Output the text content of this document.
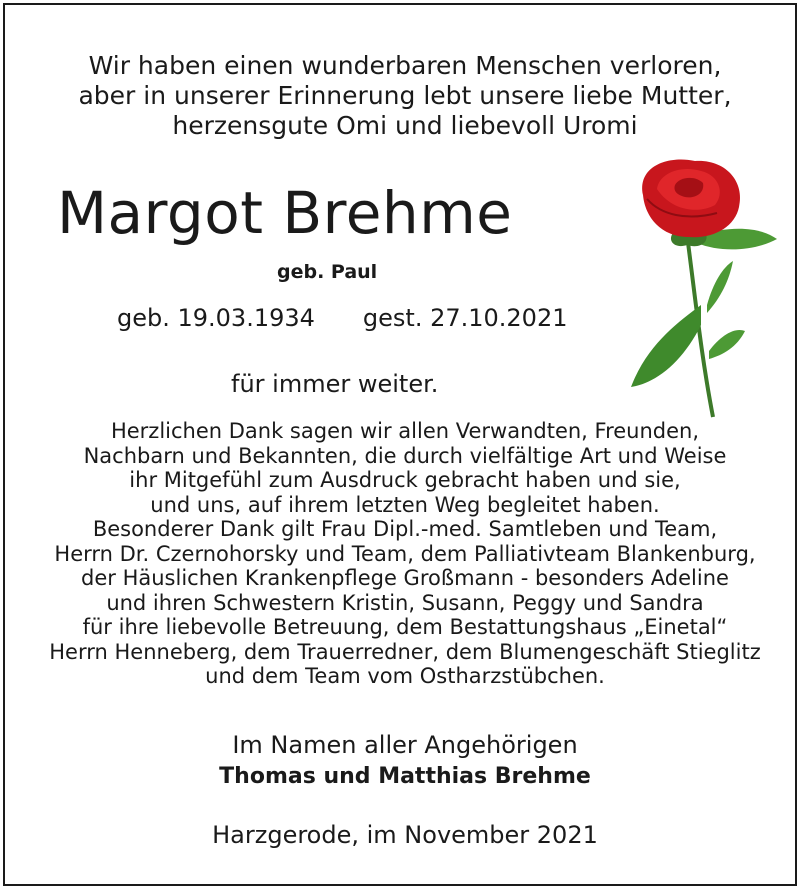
Wir haben einen wunderbaren Menschen verloren,
aber in unserer Erinnerung lebt unsere liebe Mutter,
herzensgute Omi und liebevoll Uromi
Margot Brehme
geb. Paul
geb. 19.03.1934 gest. 27.10.2021
für immer weiter.
Herzlichen Dank sagen wir allen Verwandten, Freunden,
Nachbarn und Bekannten, die durch vielfältige Art und Weise
ihr Mitgefühl zum Ausdruck gebracht haben und sie,
und uns, auf ihrem letzten Weg begleitet haben.
Besonderer Dank gilt Frau Dipl.-med. Samtleben und Team,
Herrn Dr. Czernohorsky und Team, dem Palliativteam Blankenburg,
der Häuslichen Krankenpflege Großmann - besonders Adeline
und ihren Schwestern Kristin, Susann, Peggy und Sandra
für ihre liebevolle Betreuung, dem Bestattungshaus „Einetal“
Herrn Henneberg, dem Trauerredner, dem Blumengeschäft Stieglitz
und dem Team vom Ostharzstübchen.
Im Namen aller Angehörigen
Thomas und Matthias Brehme
Harzgerode, im November 2021
